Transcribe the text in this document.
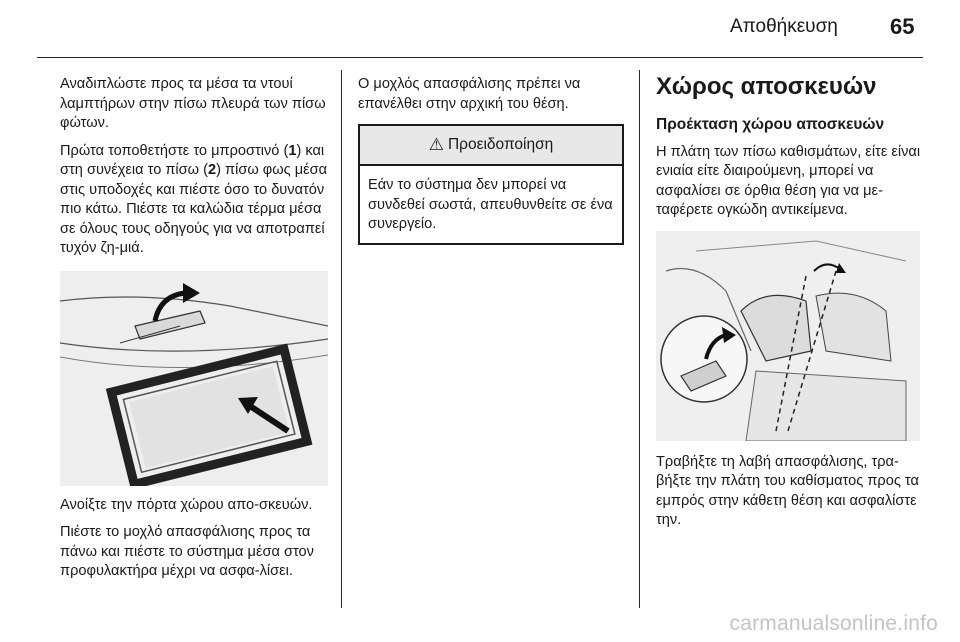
Αποθήκευση 65

Αναδιπλώστε προς τα μέσα τα ντουί λαμπτήρων στην πίσω πλευρά των πίσω φώτων.

Πρώτα τοποθετήστε το μπροστινό (1) και στη συνέχεια το πίσω (2) πίσω φως μέσα στις υποδοχές και πιέστε όσο το δυνατόν πιο κάτω. Πιέστε τα καλώδια τέρμα μέσα σε όλους τους οδηγούς για να αποτραπεί τυχόν ζη-μιά.

Ανοίξτε την πόρτα χώρου απο-σκευών.

Πιέστε το μοχλό απασφάλισης προς τα πάνω και πιέστε το σύστημα μέσα στον προφυλακτήρα μέχρι να ασφα-λίσει.

Ο μοχλός απασφάλισης πρέπει να επανέλθει στην αρχική του θέση.

⚠ Προειδοποίηση
Εάν το σύστημα δεν μπορεί να συνδεθεί σωστά, απευθυνθείτε σε ένα συνεργείο.
Χώρος αποσκευών

Προέκταση χώρου αποσκευών

Η πλάτη των πίσω καθισμάτων, είτε είναι ενιαία είτε διαιρούμενη, μπορεί να ασφαλίσει σε όρθια θέση για να με-ταφέρετε ογκώδη αντικείμενα.

Τραβήξτε τη λαβή απασφάλισης, τρα-βήξτε την πλάτη του καθίσματος προς τα εμπρός στην κάθετη θέση και ασφαλίστε την.

carmanualsonline.info
